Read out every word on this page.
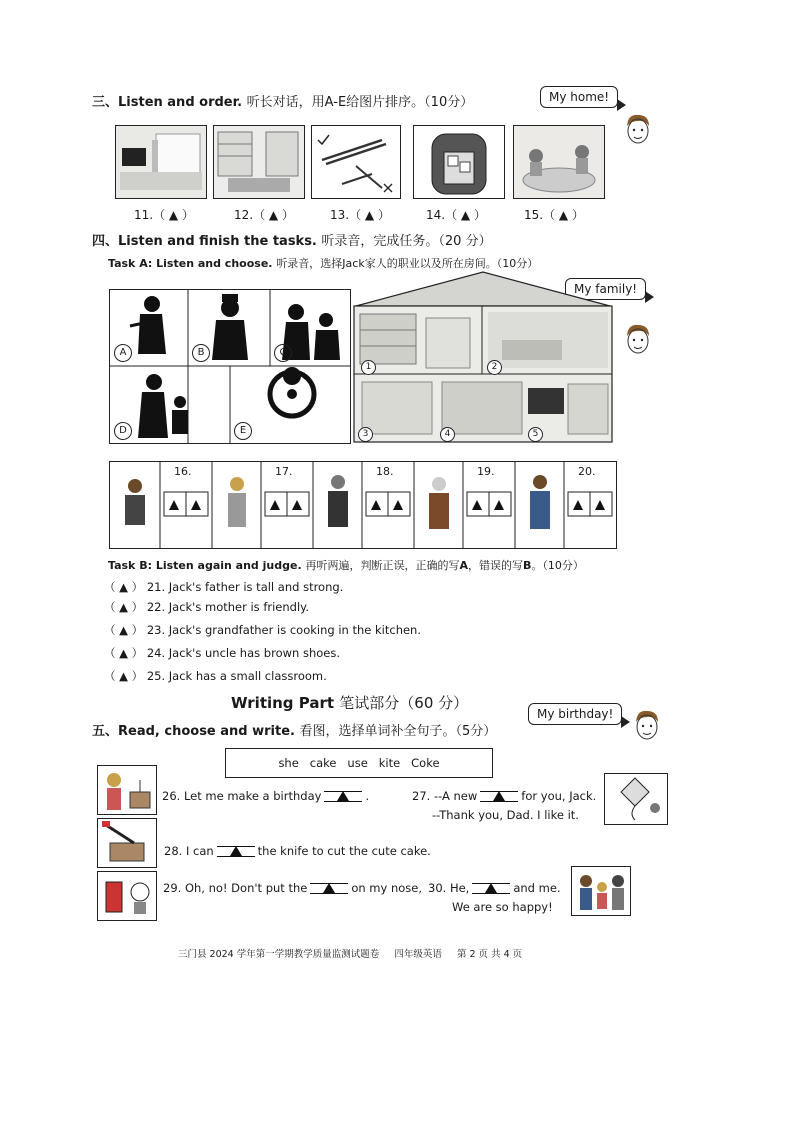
三、Listen and order. 听长对话，用A-E给图片排序。（10分）	My home!
11.（ ▲ ）	12.（ ▲ ）	13.（ ▲ ）	14.（ ▲ ）	15.（ ▲ ）
四、Listen and finish the tasks. 听录音，完成任务。（20 分）
Task A: Listen and choose. 听录音，选择Jack家人的职业以及所在房间。（10分）
My family!
A	B	C
D	E
1	2
3	4	5
16.	17.	18.	19.	20.
Task B: Listen again and judge. 再听两遍，判断正误，正确的写A，错误的写B。（10分）
（ ▲ ） 21. Jack's father is tall and strong.
（ ▲ ） 22. Jack's mother is friendly.
（ ▲ ） 23. Jack's grandfather is cooking in the kitchen.
（ ▲ ） 24. Jack's uncle has brown shoes.
（ ▲ ） 25. Jack has a small classroom.
Writing Part 笔试部分（60 分）
五、Read, choose and write. 看图，选择单词补全句子。（5分）
My birthday!
she   cake   use   kite   Coke
26. Let me make a birthday	.	27. --A new	for you, Jack.
--Thank you, Dad. I like it.
28. I can	the knife to cut the cute cake.
29. Oh, no! Don't put the	on my nose, 30. He,	and me.
We are so happy!
三门县 2024 学年第一学期教学质量监测试题卷 四年级英语 第 2 页 共 4 页
